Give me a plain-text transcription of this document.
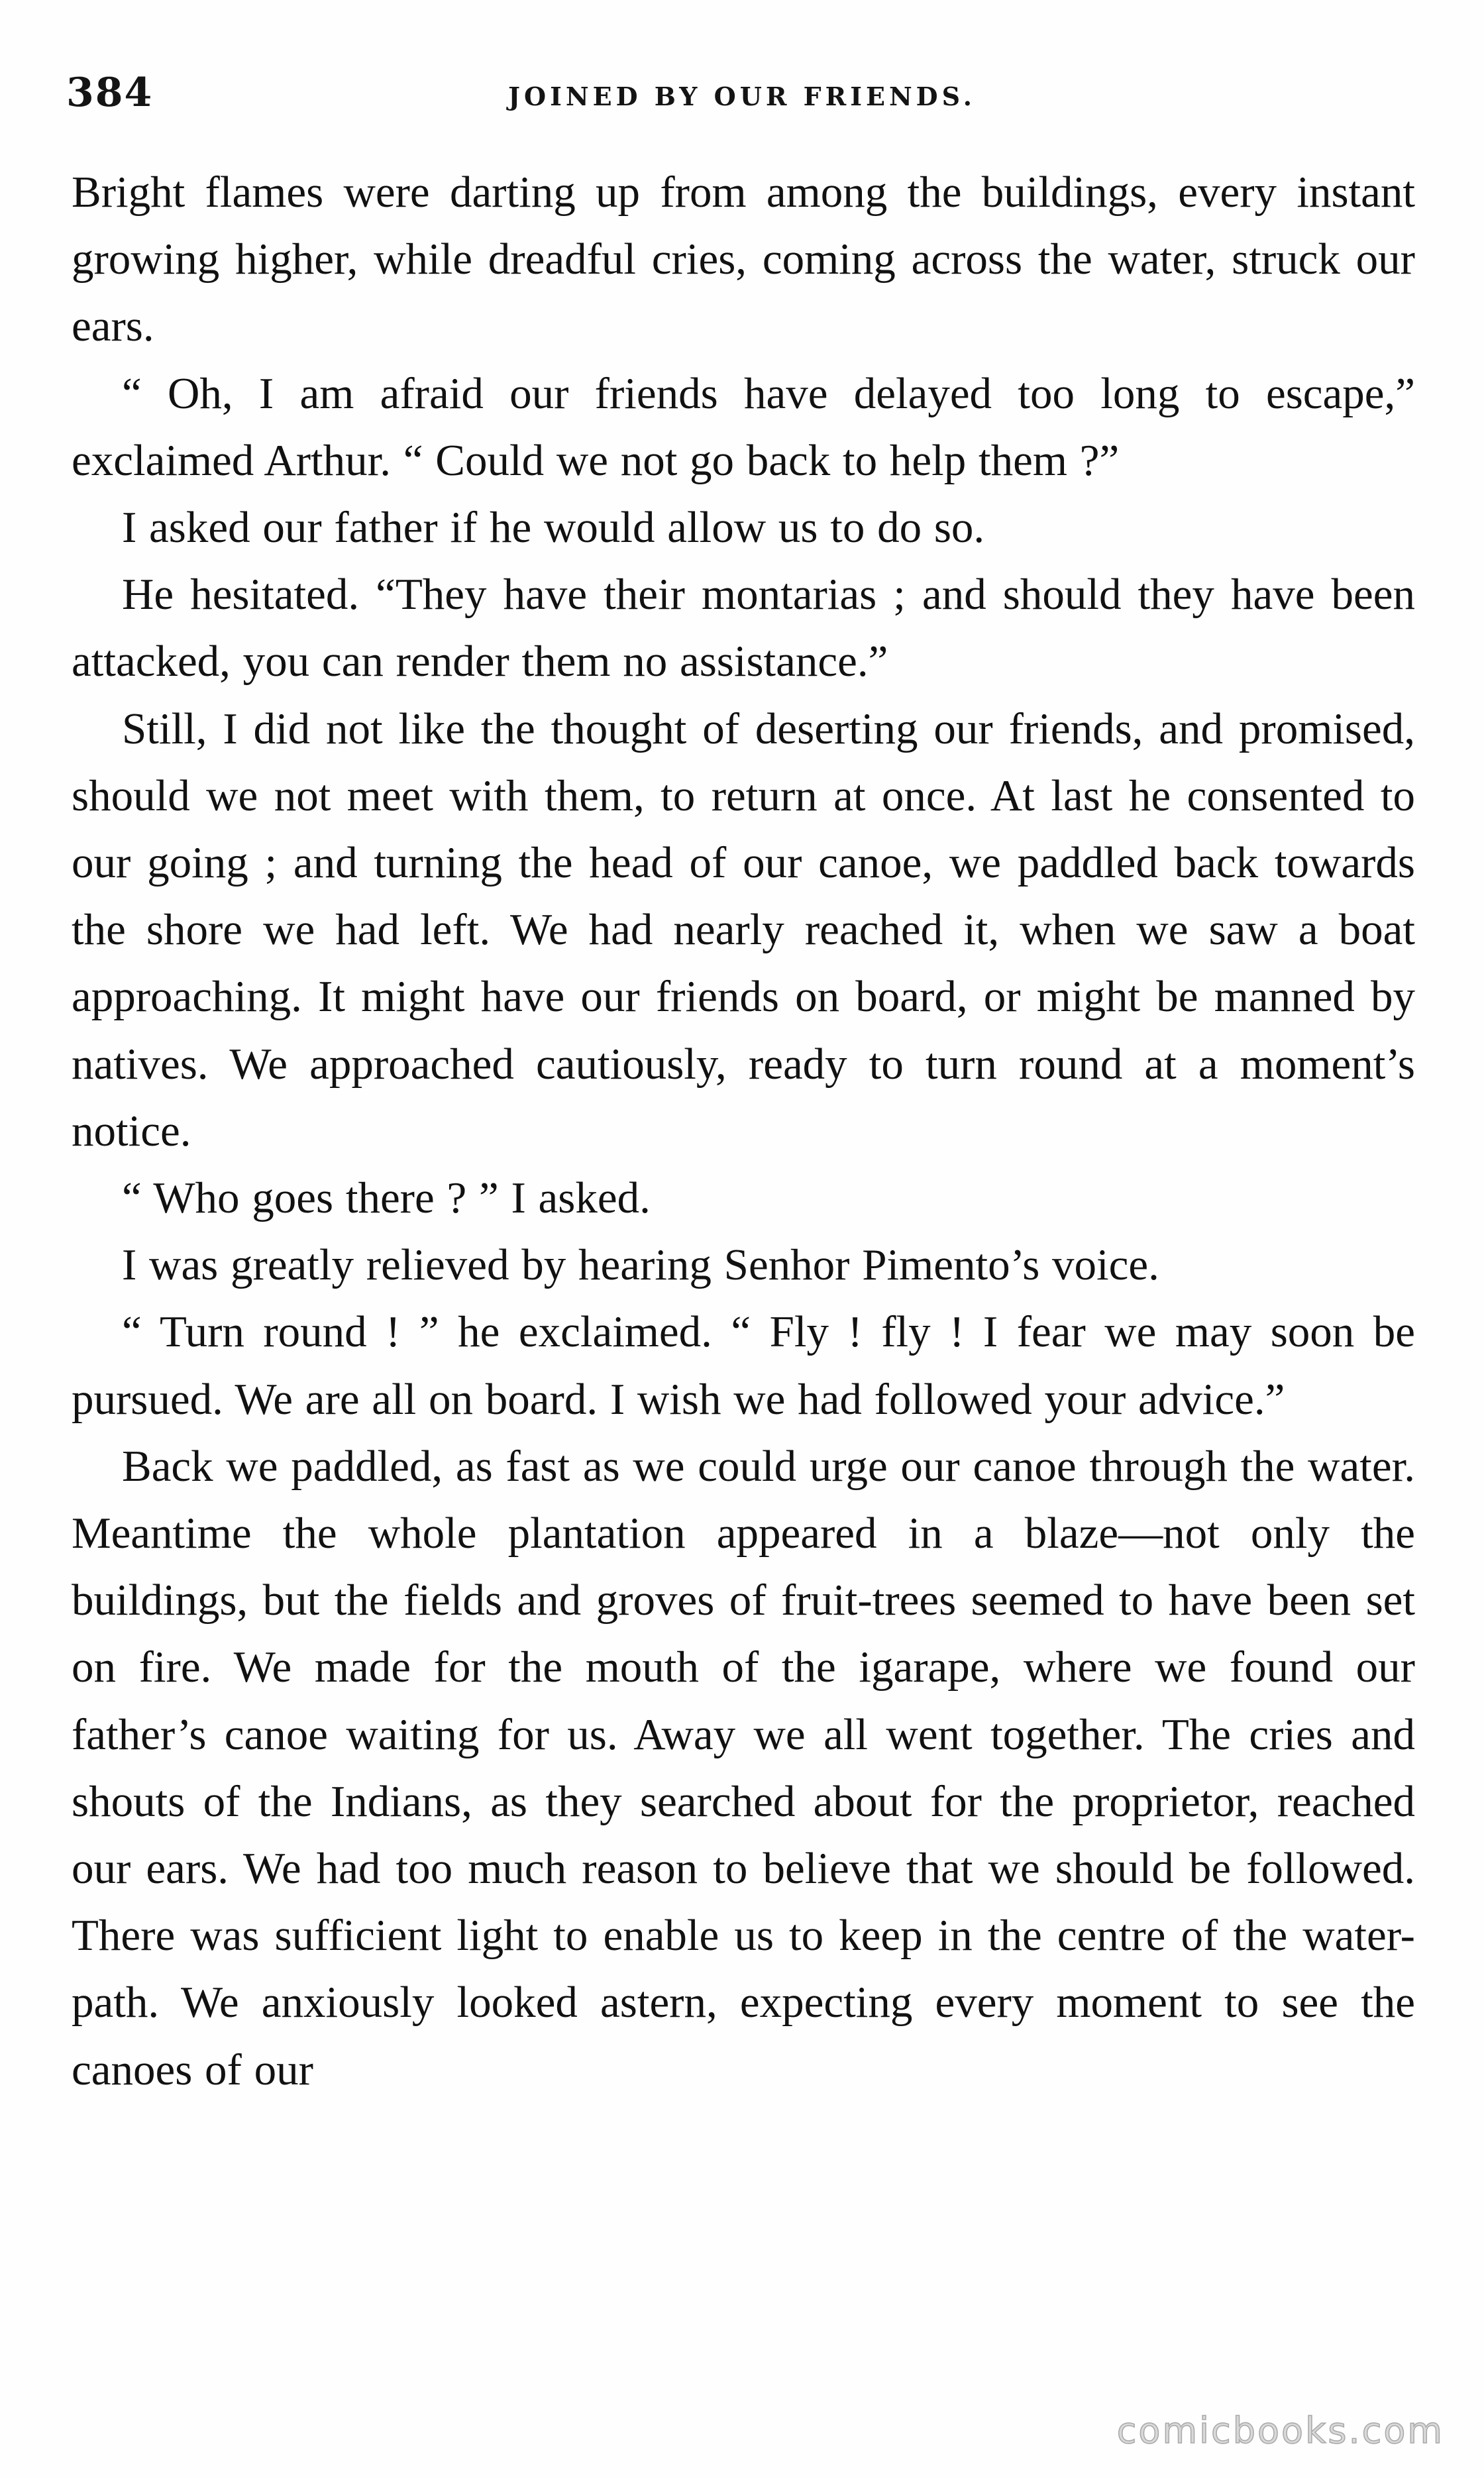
384	JOINED BY OUR FRIENDS.

Bright flames were darting up from among the buildings, every instant growing higher, while dreadful cries, coming across the water, struck our ears.

“ Oh, I am afraid our friends have delayed too long to escape,” exclaimed Arthur. “ Could we not go back to help them ?”

I asked our father if he would allow us to do so.

He hesitated. “They have their montarias ; and should they have been attacked, you can render them no assistance.”

Still, I did not like the thought of deserting our friends, and promised, should we not meet with them, to return at once. At last he consented to our going ; and turning the head of our canoe, we paddled back towards the shore we had left. We had nearly reached it, when we saw a boat approaching. It might have our friends on board, or might be manned by natives. We approached cautiously, ready to turn round at a moment’s notice.

“ Who goes there ? ” I asked.

I was greatly relieved by hearing Senhor Pimento’s voice.

“ Turn round ! ” he exclaimed. “ Fly ! fly ! I fear we may soon be pursued. We are all on board. I wish we had followed your advice.”

Back we paddled, as fast as we could urge our canoe through the water. Meantime the whole plantation appeared in a blaze—not only the buildings, but the fields and groves of fruit-trees seemed to have been set on fire. We made for the mouth of the igarape, where we found our father’s canoe waiting for us. Away we all went together. The cries and shouts of the Indians, as they searched about for the proprietor, reached our ears. We had too much reason to believe that we should be followed. There was sufficient light to enable us to keep in the centre of the water-path. We anxiously looked astern, expecting every moment to see the canoes of our

comicbooks.com
